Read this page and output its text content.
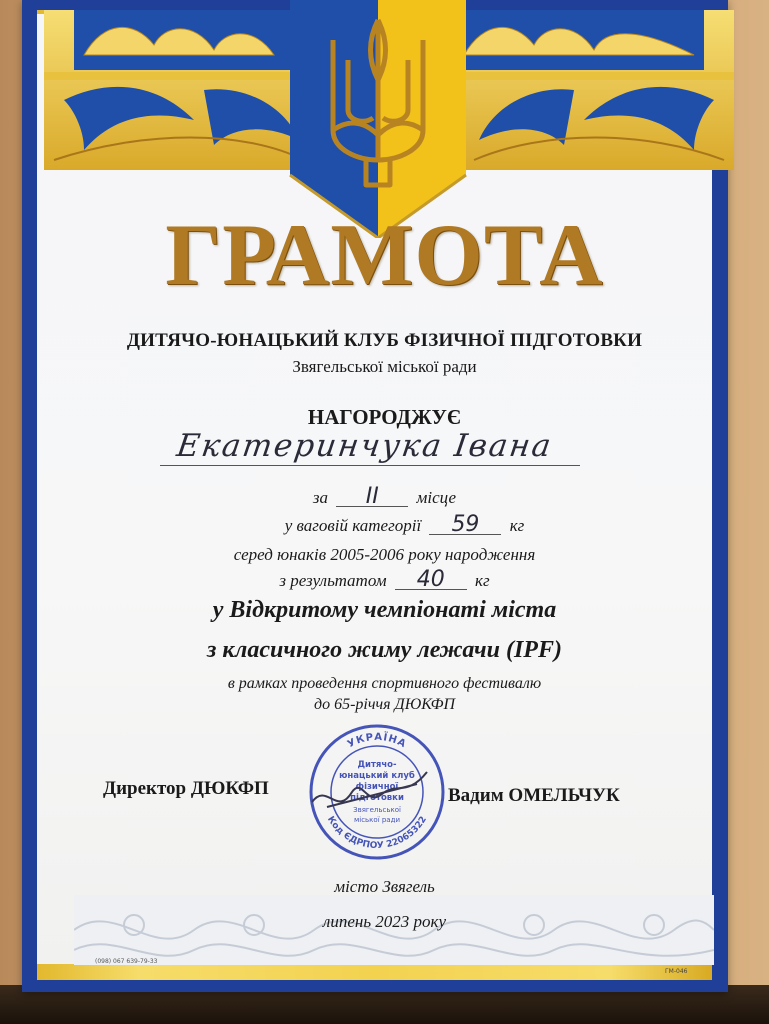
ГРАМОТА
ДИТЯЧО-ЮНАЦЬКИЙ КЛУБ ФІЗИЧНОЇ ПІДГОТОВКИ
Звягельської міської ради
НАГОРОДЖУЄ
Екатеринчука Івана
за II місце
у ваговій категорії 59 кг
серед юнаків 2005-2006 року народження
з результатом 40 кг
у Відкритому чемпіонаті міста
з класичного жиму лежачи (IPF)
в рамках проведення спортивного фестивалю
до 65-річчя ДЮКФП
Директор ДЮКФП	Вадим ОМЕЛЬЧУК
УКРАЇНА
Код ЄДРПОУ 22065322
Дитячо-
юнацький клуб
фізичної
підготовки
Звягельської
міської ради
місто Звягель
липень 2023 року
(098) 067 639-79-33
ГМ-046
